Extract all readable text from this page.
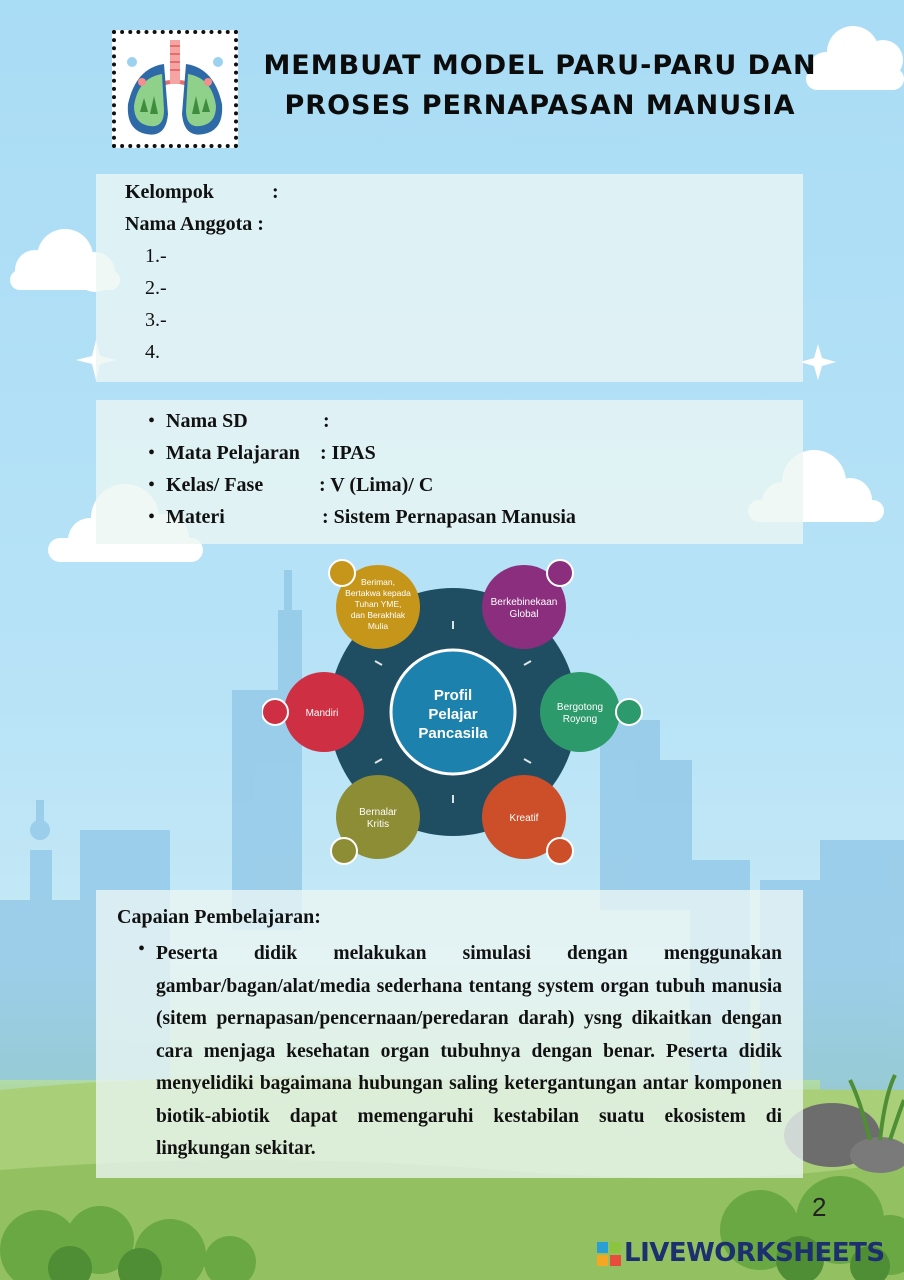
MEMBUAT MODEL PARU-PARU DAN
PROSES PERNAPASAN MANUSIA
Kelompok	:
Nama Anggota :
1.-
2.-
3.-
4.
• Nama SD	:
• Mata Pelajaran : IPAS
• Kelas/ Fase	: V (Lima)/ C
• Materi	: Sistem Pernapasan Manusia
Profil
Pelajar
Pancasila
Beriman,
Bertakwa kepada
Tuhan YME,
dan Berakhlak
Mulia
Berkebinekaan
Global
Bergotong
Royong
Kreatif
Bernalar
Kritis
Mandiri
Capaian Pembelajaran:
• Peserta didik melakukan simulasi dengan menggunakan gambar/bagan/alat/media sederhana tentang system organ tubuh manusia (sitem pernapasan/pencernaan/peredaran darah) ysng dikaitkan dengan cara menjaga kesehatan organ tubuhnya dengan benar. Peserta didik menyelidiki bagaimana hubungan saling ketergantungan antar komponen biotik-abiotik dapat memengaruhi kestabilan suatu ekosistem di lingkungan sekitar.
2
LIVEWORKSHEETS
